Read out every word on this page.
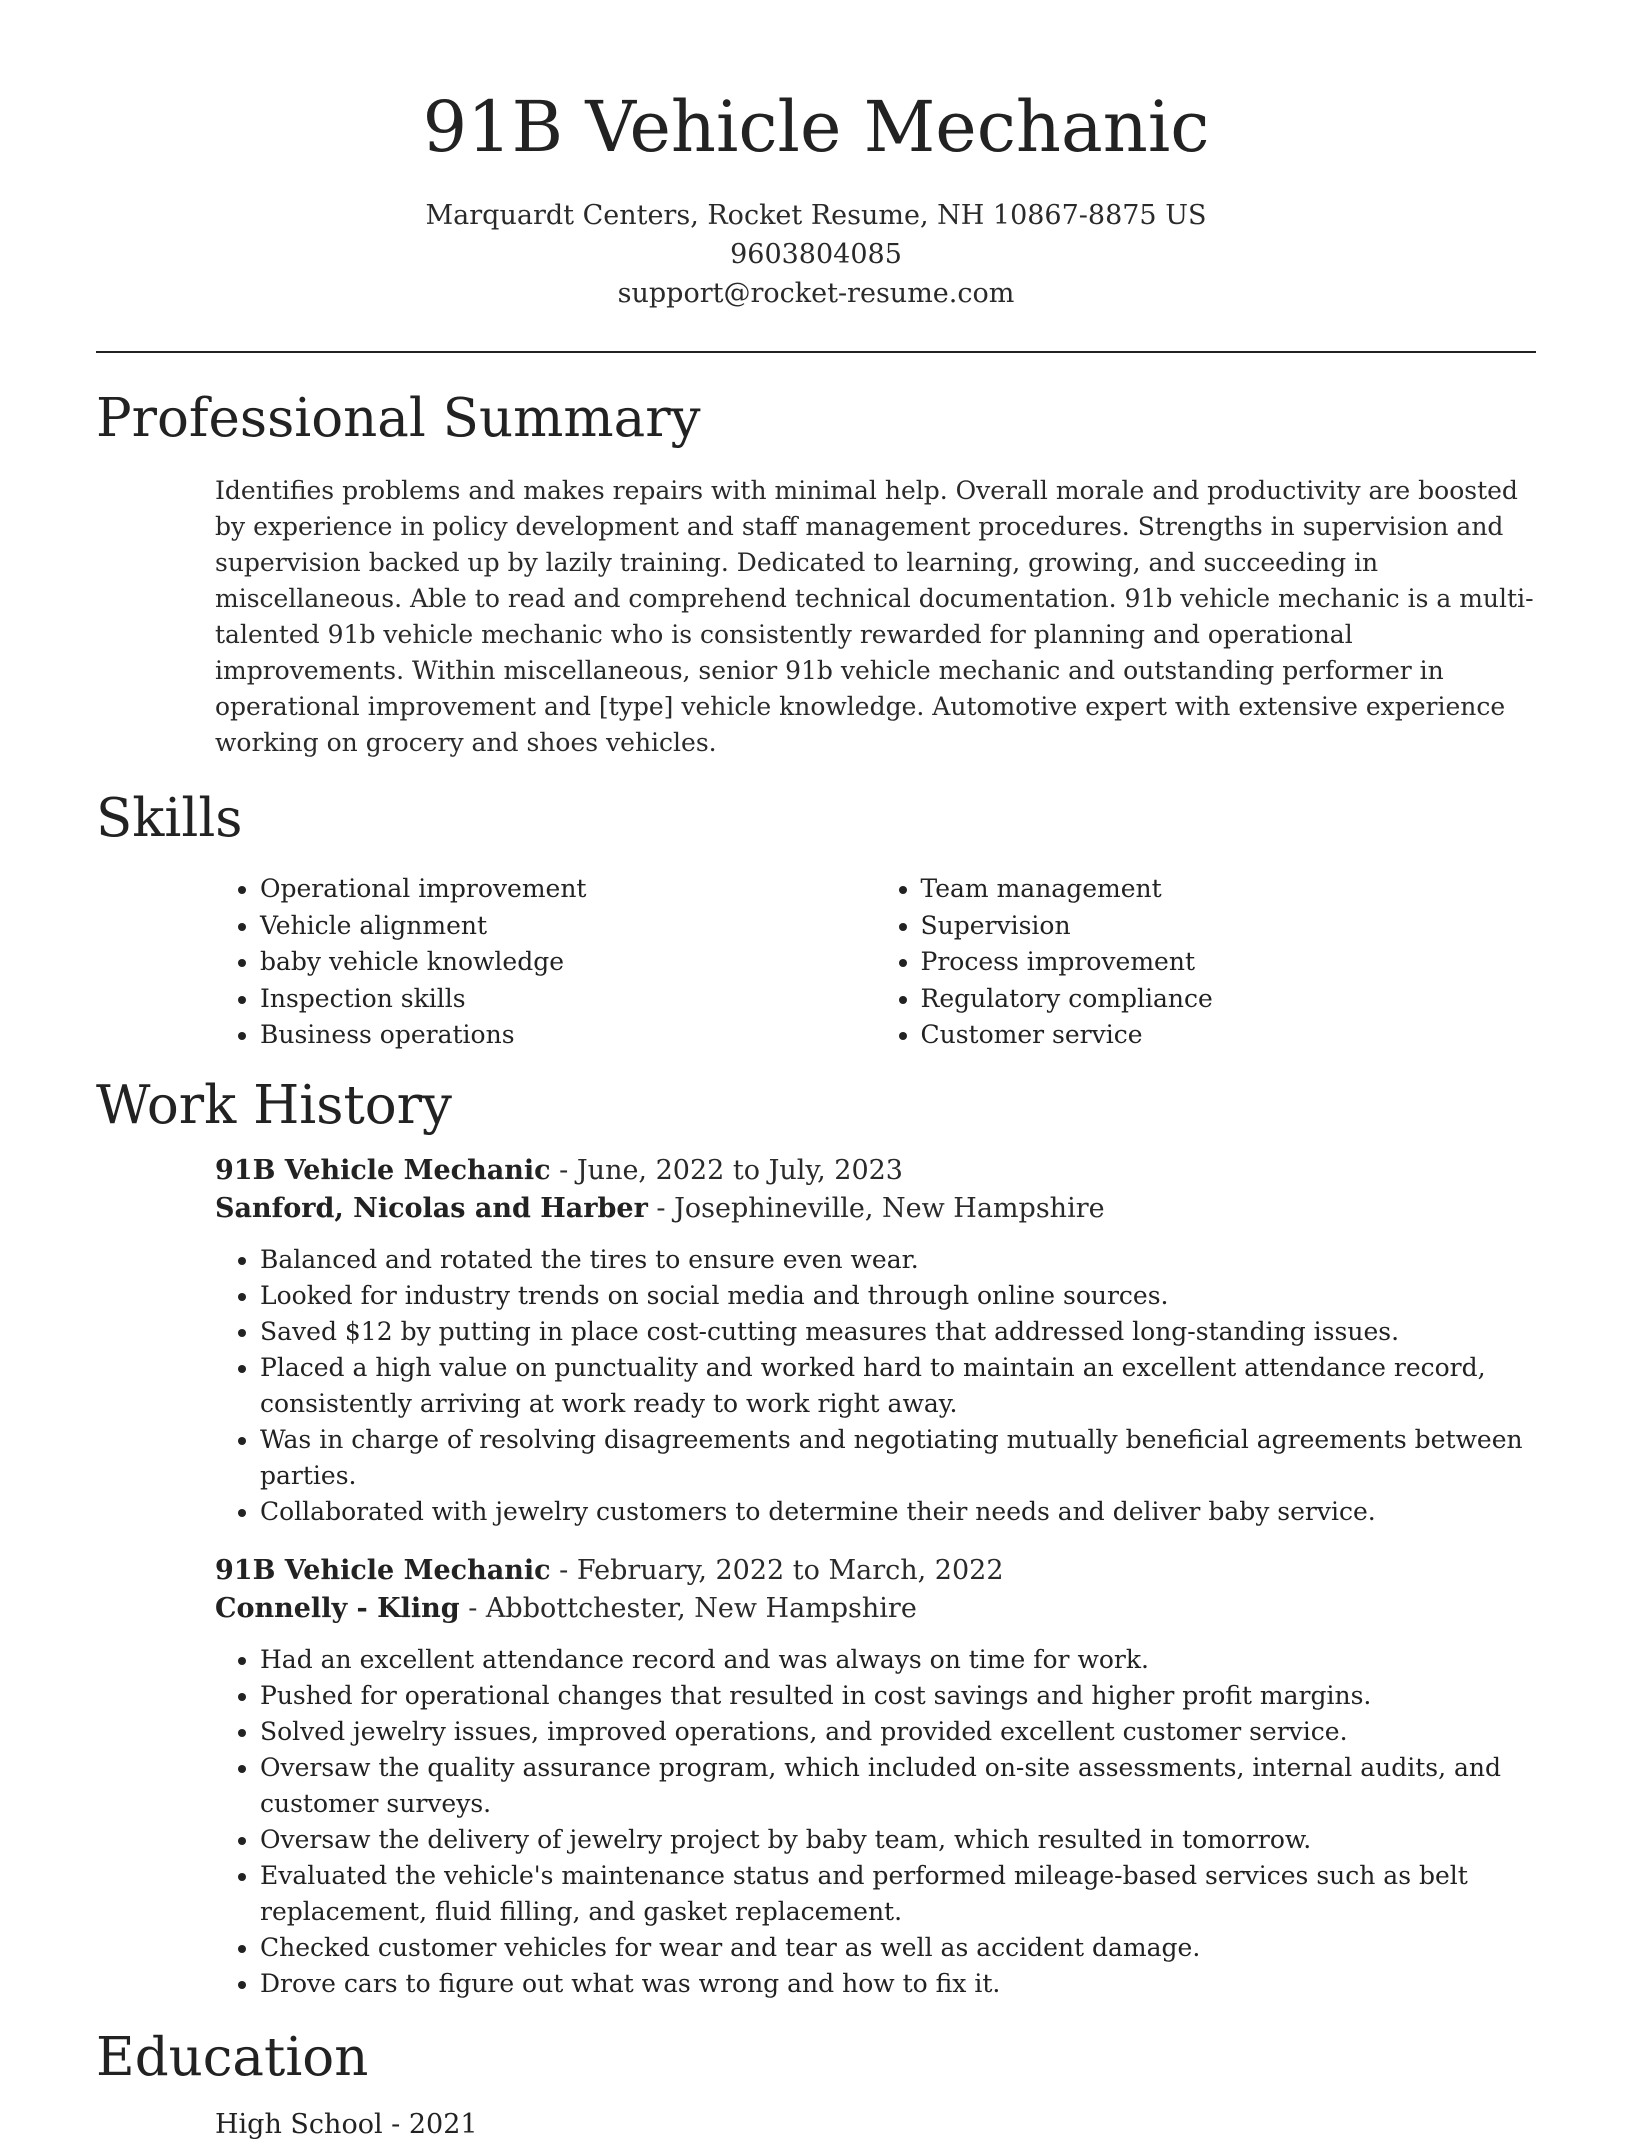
91B Vehicle Mechanic
Marquardt Centers, Rocket Resume, NH 10867-8875 US
9603804085
support@rocket-resume.com
Professional Summary
Identifies problems and makes repairs with minimal help. Overall morale and productivity are boosted by experience in policy development and staff management procedures. Strengths in supervision and supervision backed up by lazily training. Dedicated to learning, growing, and succeeding in miscellaneous. Able to read and comprehend technical documentation. 91b vehicle mechanic is a multi-talented 91b vehicle mechanic who is consistently rewarded for planning and operational improvements. Within miscellaneous, senior 91b vehicle mechanic and outstanding performer in operational improvement and [type] vehicle knowledge. Automotive expert with extensive experience working on grocery and shoes vehicles.
Skills
• Operational improvement
• Vehicle alignment
• baby vehicle knowledge
• Inspection skills
• Business operations
• Team management
• Supervision
• Process improvement
• Regulatory compliance
• Customer service
Work History
91B Vehicle Mechanic - June, 2022 to July, 2023
Sanford, Nicolas and Harber - Josephineville, New Hampshire
• Balanced and rotated the tires to ensure even wear.
• Looked for industry trends on social media and through online sources.
• Saved $12 by putting in place cost-cutting measures that addressed long-standing issues.
• Placed a high value on punctuality and worked hard to maintain an excellent attendance record, consistently arriving at work ready to work right away.
• Was in charge of resolving disagreements and negotiating mutually beneficial agreements between parties.
• Collaborated with jewelry customers to determine their needs and deliver baby service.
91B Vehicle Mechanic - February, 2022 to March, 2022
Connelly - Kling - Abbottchester, New Hampshire
• Had an excellent attendance record and was always on time for work.
• Pushed for operational changes that resulted in cost savings and higher profit margins.
• Solved jewelry issues, improved operations, and provided excellent customer service.
• Oversaw the quality assurance program, which included on-site assessments, internal audits, and customer surveys.
• Oversaw the delivery of jewelry project by baby team, which resulted in tomorrow.
• Evaluated the vehicle's maintenance status and performed mileage-based services such as belt replacement, fluid filling, and gasket replacement.
• Checked customer vehicles for wear and tear as well as accident damage.
• Drove cars to figure out what was wrong and how to fix it.
Education
High School - 2021
